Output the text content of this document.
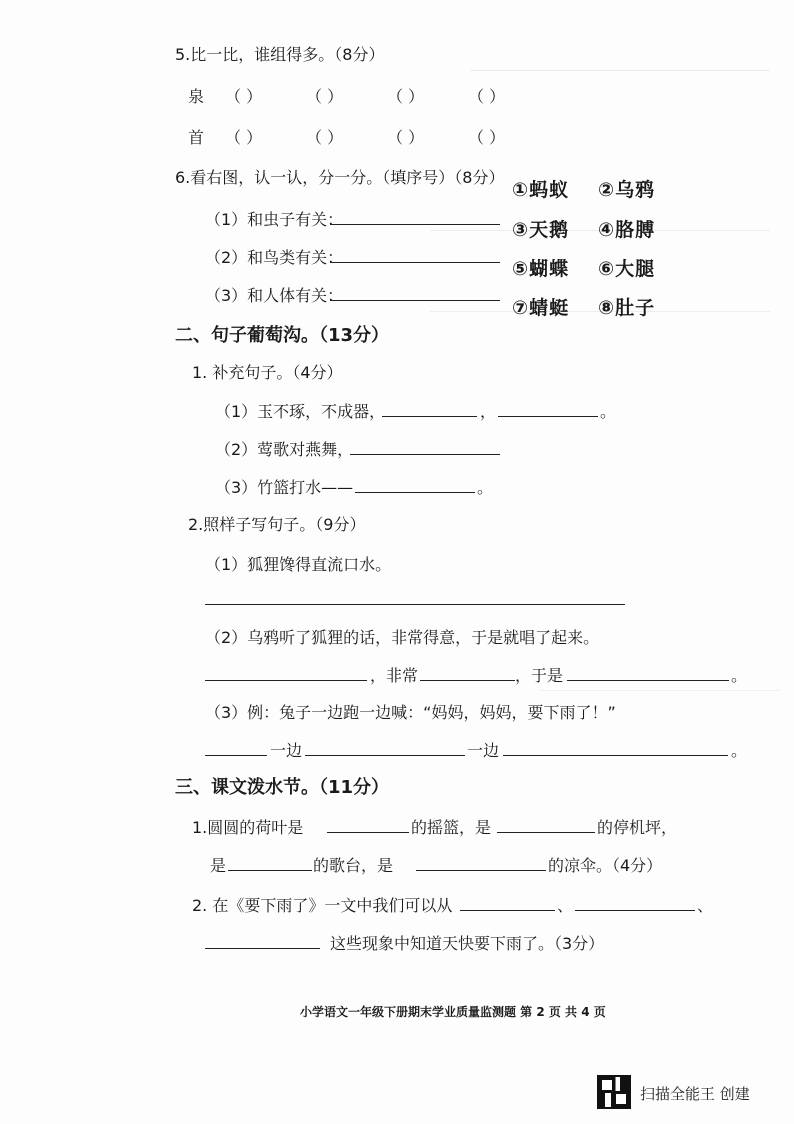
5.比一比，谁组得多。（8分）
泉 （ ）	（ ）	（ ）	（ ）
首 （ ）	（ ）	（ ）	（ ）
6.看右图，认一认，分一分。（填序号）（8分）
（1）和虫子有关：
（2）和鸟类有关：
（3）和人体有关：
①蚂蚁 ②乌鸦
③天鹅 ④胳膊
⑤蝴蝶 ⑥大腿
⑦蜻蜓 ⑧肚子
二、句子葡萄沟。（13分）
1. 补充句子。（4分）
（1）玉不琢，不成器，	，	。
（2）莺歌对燕舞，
（3）竹篮打水——	。
2.照样子写句子。（9分）
（1）狐狸馋得直流口水。
（2）乌鸦听了狐狸的话，非常得意，于是就唱了起来。
，非常	，于是	。
（3）例：兔子一边跑一边喊：“妈妈，妈妈，要下雨了！”
一边	一边	。
三、课文泼水节。（11分）
1.圆圆的荷叶是	的摇篮，是	的停机坪，
是	的歌台，是	的凉伞。（4分）
2. 在《要下雨了》一文中我们可以从	、	、
这些现象中知道天快要下雨了。（3分）
小学语文一年级下册期末学业质量监测题 第 2 页 共 4 页
扫描全能王 创建
